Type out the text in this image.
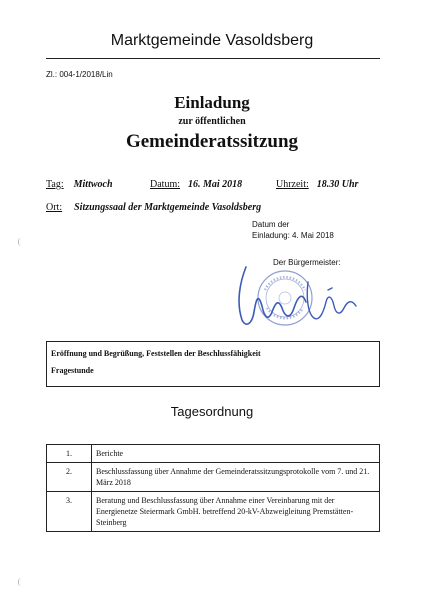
Marktgemeinde Vasoldsberg
Zl.: 004-1/2018/Lin
Einladung
zur öffentlichen
Gemeinderatssitzung
Tag: Mittwoch	Datum: 16. Mai 2018	Uhrzeit: 18.30 Uhr
Ort: Sitzungssaal der Marktgemeinde Vasoldsberg
Datum der
Einladung: 4. Mai 2018
Der Bürgermeister:
Eröffnung und Begrüßung, Feststellen der Beschlussfähigkeit
Fragestunde
Tagesordnung
1.	Berichte
2.	Beschlussfassung über Annahme der Gemeinderatssitzungsprotokolle vom 7. und 21. März 2018
3.	Beratung und Beschlussfassung über Annahme einer Vereinbarung mit der Energienetze Steiermark GmbH. betreffend 20-kV-Abzweigleitung Premstätten-Steinberg
